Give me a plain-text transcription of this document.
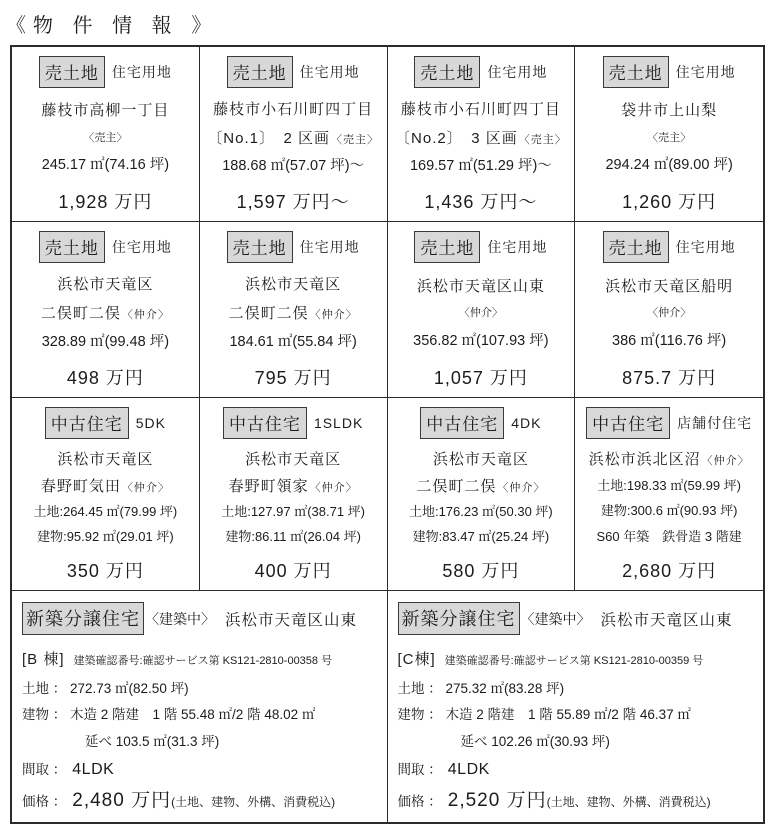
《物 件 情 報 》
売土地 住宅用地
藤枝市高柳一丁目
〈売主〉
245.17 ㎡(74.16 坪)
1,928 万円
売土地 住宅用地
藤枝市小石川町四丁目
〔No.1〕　2 区画〈売主〉
188.68 ㎡(57.07 坪)〜
1,597 万円〜
売土地 住宅用地
藤枝市小石川町四丁目
〔No.2〕　3 区画〈売主〉
169.57 ㎡(51.29 坪)〜
1,436 万円〜
売土地 住宅用地
袋井市上山梨
〈売主〉
294.24 ㎡(89.00 坪)
1,260 万円
売土地 住宅用地
浜松市天竜区
二俣町二俣〈仲介〉
328.89 ㎡(99.48 坪)
498 万円
売土地 住宅用地
浜松市天竜区
二俣町二俣〈仲介〉
184.61 ㎡(55.84 坪)
795 万円
売土地 住宅用地
浜松市天竜区山東
〈仲介〉
356.82 ㎡(107.93 坪)
1,057 万円
売土地 住宅用地
浜松市天竜区船明
〈仲介〉
386 ㎡(116.76 坪)
875.7 万円
中古住宅 5DK
浜松市天竜区
春野町気田〈仲介〉
土地:264.45 ㎡(79.99 坪)
建物:95.92 ㎡(29.01 坪)
350 万円
中古住宅 1SLDK
浜松市天竜区
春野町領家〈仲介〉
土地:127.97 ㎡(38.71 坪)
建物:86.11 ㎡(26.04 坪)
400 万円
中古住宅 4DK
浜松市天竜区
二俣町二俣〈仲介〉
土地:176.23 ㎡(50.30 坪)
建物:83.47 ㎡(25.24 坪)
580 万円
中古住宅 店舗付住宅
浜松市浜北区沼〈仲介〉
土地:198.33 ㎡(59.99 坪)
建物:300.6 ㎡(90.93 坪)
S60 年築　鉄骨造 3 階建
2,680 万円
新築分譲住宅 〈建築中〉 浜松市天竜区山東
[B 棟] 建築確認番号:確認サービス第 KS121-2810-00358 号
土地 ： 272.73 ㎡(82.50 坪)
建物 ： 木造 2 階建　1 階 55.48 ㎡/2 階 48.02 ㎡
延べ 103.5 ㎡(31.3 坪)
間取 ： 4LDK
価格 ： 2,480 万円 (土地、建物、外構、消費税込)
新築分譲住宅 〈建築中〉 浜松市天竜区山東
[C棟] 建築確認番号:確認サービス第 KS121-2810-00359 号
土地 ： 275.32 ㎡(83.28 坪)
建物 ： 木造 2 階建　1 階 55.89 ㎡/2 階 46.37 ㎡
延べ 102.26 ㎡(30.93 坪)
間取 ： 4LDK
価格 ： 2,520 万円 (土地、建物、外構、消費税込)
